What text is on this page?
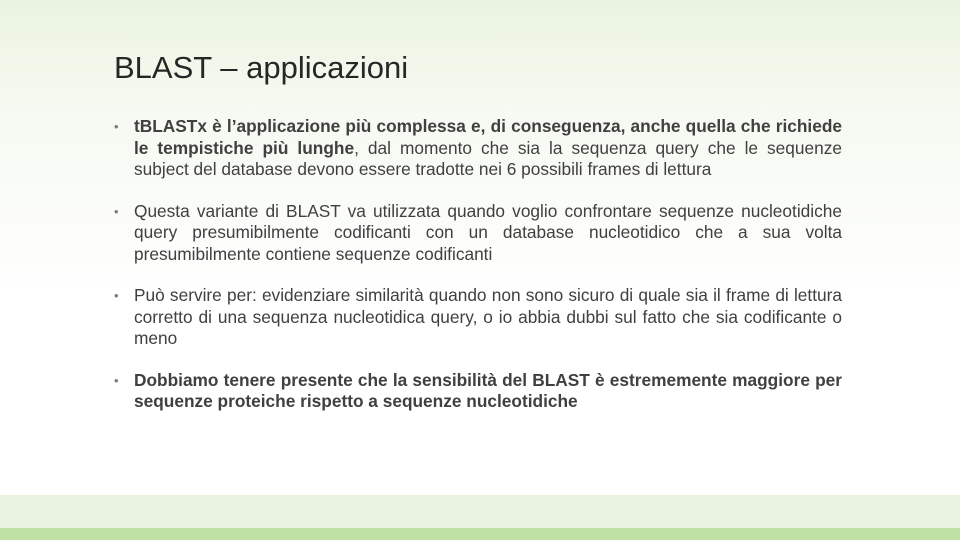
BLAST – applicazioni
• tBLASTx è l’applicazione più complessa e, di conseguenza, anche quella che richiede le tempistiche più lunghe, dal momento che sia la sequenza query che le sequenze subject del database devono essere tradotte nei 6 possibili frames di lettura
• Questa variante di BLAST va utilizzata quando voglio confrontare sequenze nucleotidiche query presumibilmente codificanti con un database nucleotidico che a sua volta presumibilmente contiene sequenze codificanti
• Può servire per: evidenziare similarità quando non sono sicuro di quale sia il frame di lettura corretto di una sequenza nucleotidica query, o io abbia dubbi sul fatto che sia codificante o meno
• Dobbiamo tenere presente che la sensibilità del BLAST è estrememente maggiore per sequenze proteiche rispetto a sequenze nucleotidiche
